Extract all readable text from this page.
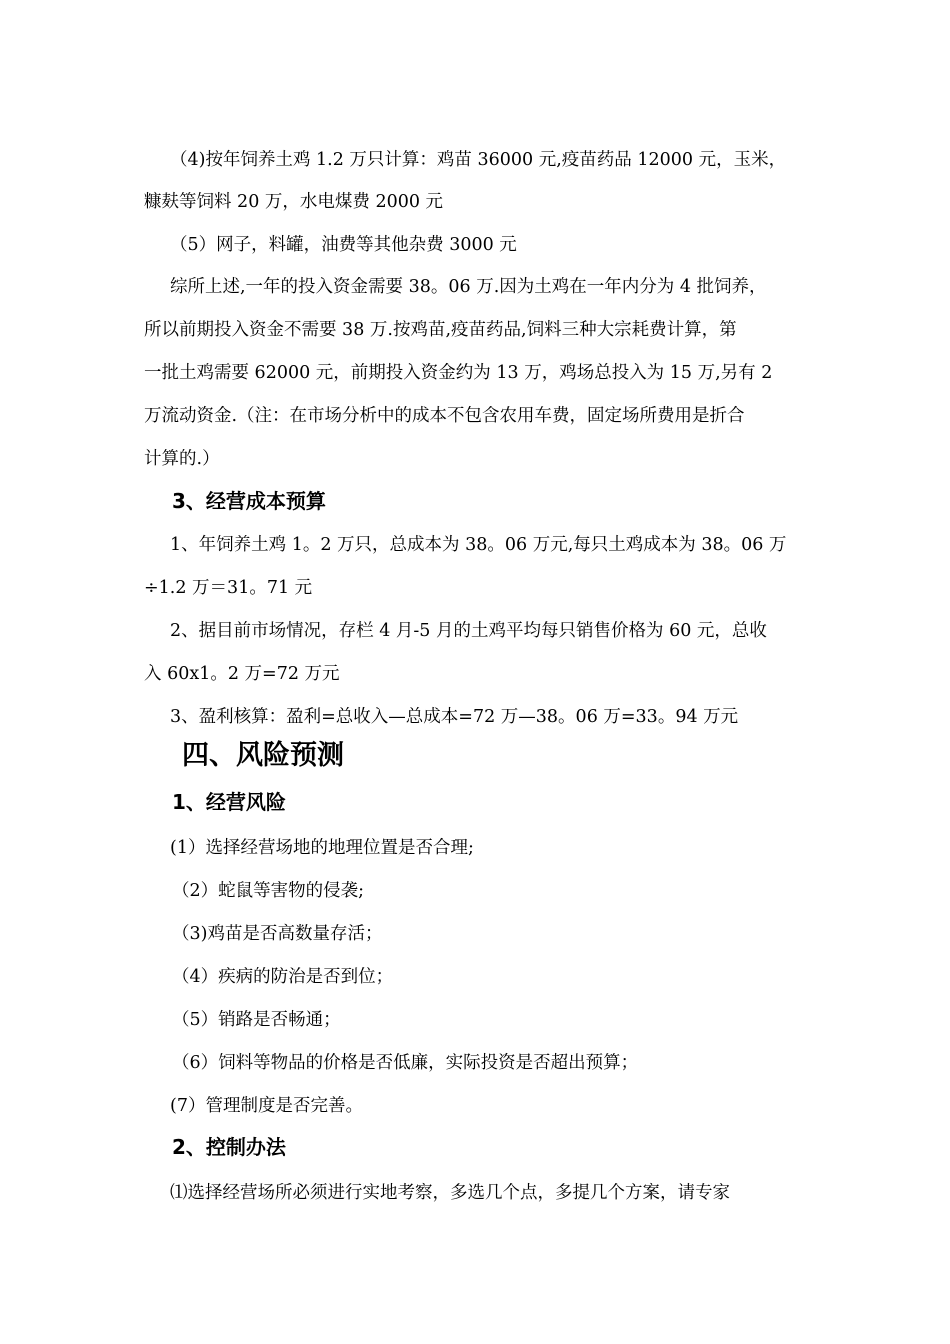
（4)按年饲养土鸡 1.2 万只计算：鸡苗 36000 元,疫苗药品 12000 元，玉米，
糠麸等饲料 20 万，水电煤费 2000 元
（5）网子，料罐，油费等其他杂费 3000 元
综所上述,一年的投入资金需要 38。06 万.因为土鸡在一年内分为 4 批饲养，
所以前期投入资金不需要 38 万.按鸡苗,疫苗药品,饲料三种大宗耗费计算，第
一批土鸡需要 62000 元，前期投入资金约为 13 万，鸡场总投入为 15 万,另有 2
万流动资金.（注：在市场分析中的成本不包含农用车费，固定场所费用是折合
计算的.）
3、经营成本预算
1、年饲养土鸡 1。2 万只，总成本为 38。06 万元,每只土鸡成本为 38。06 万
÷1.2 万＝31。71 元
2、据目前市场情况，存栏 4 月-5 月的土鸡平均每只销售价格为 60 元，总收
入 60x1。2 万=72 万元
3、盈利核算：盈利=总收入—总成本=72 万—38。06 万=33。94 万元
四、风险预测
1、经营风险
(1）选择经营场地的地理位置是否合理;
（2）蛇鼠等害物的侵袭;
（3)鸡苗是否高数量存活；
（4）疾病的防治是否到位；
（5）销路是否畅通；
（6）饲料等物品的价格是否低廉，实际投资是否超出预算；
(7）管理制度是否完善。
2、控制办法
⑴选择经营场所必须进行实地考察，多选几个点，多提几个方案，请专家
